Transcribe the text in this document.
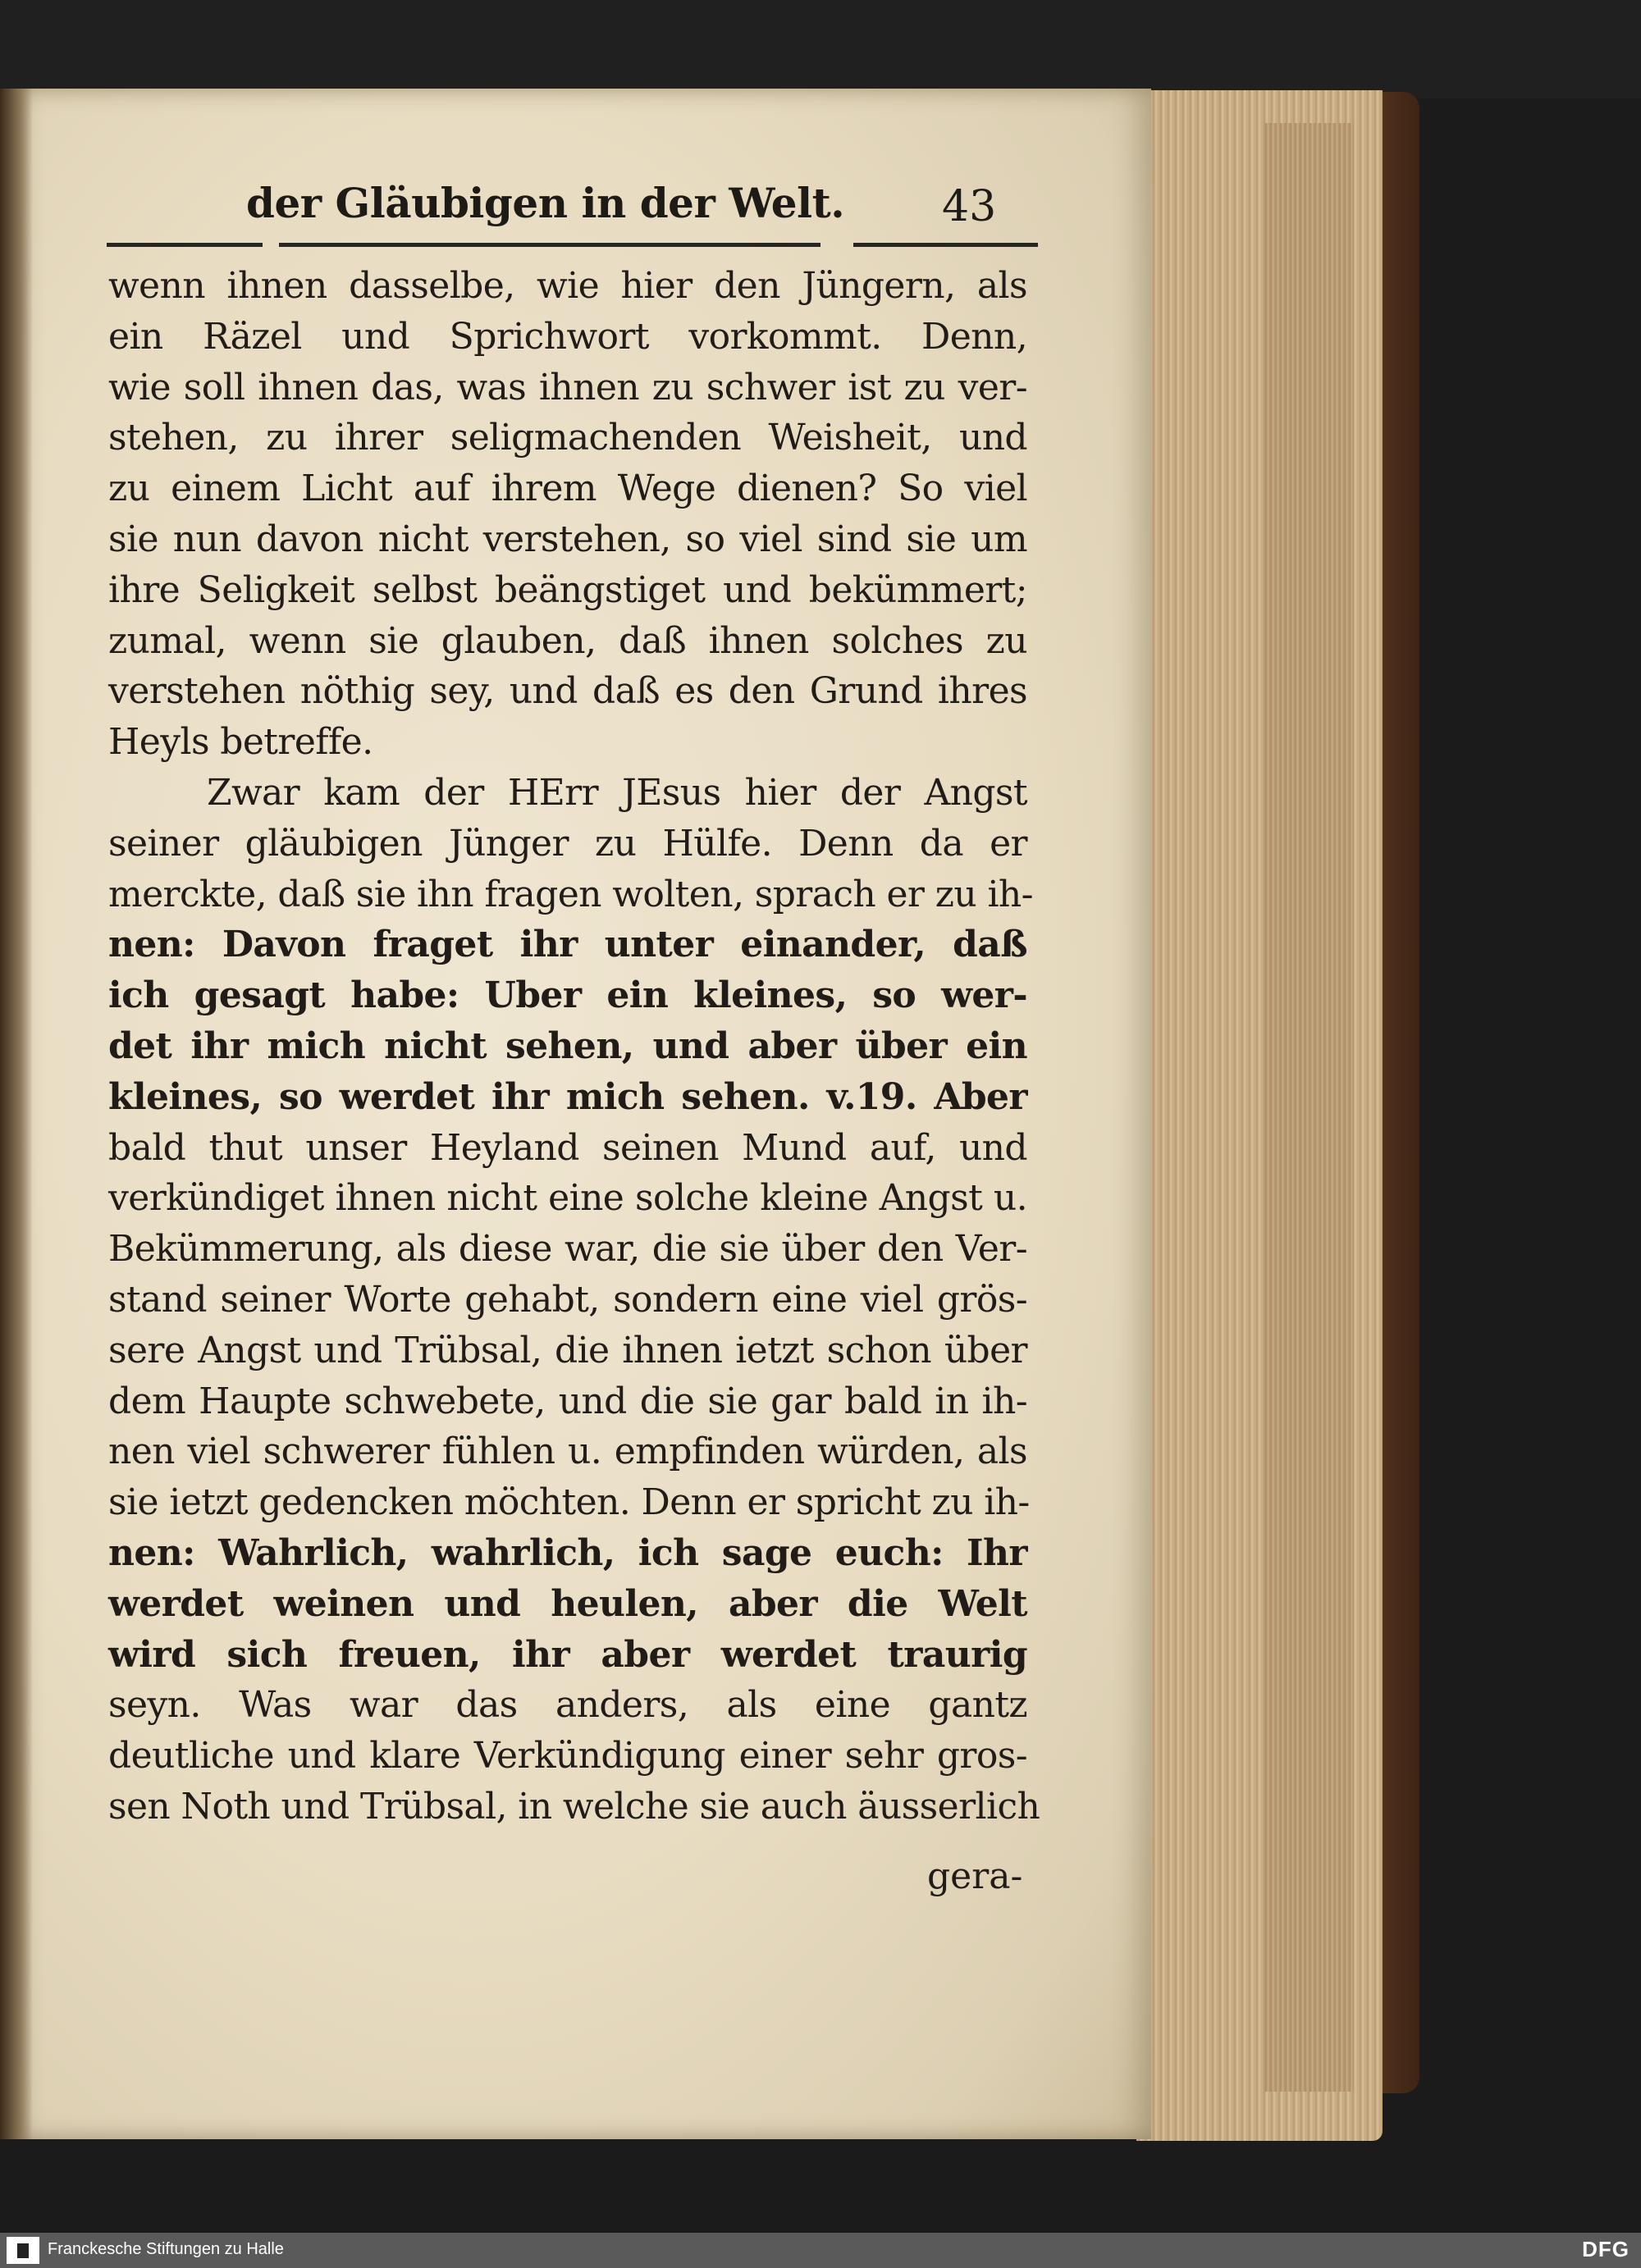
der Gläubigen in der Welt. 43
wenn ihnen dasselbe, wie hier den Jüngern, als
ein Räzel und Sprichwort vorkommt. Denn,
wie soll ihnen das, was ihnen zu schwer ist zu ver-
stehen, zu ihrer seligmachenden Weisheit, und
zu einem Licht auf ihrem Wege dienen? So viel
sie nun davon nicht verstehen, so viel sind sie um
ihre Seligkeit selbst beängstiget und bekümmert;
zumal, wenn sie glauben, daß ihnen solches zu
verstehen nöthig sey, und daß es den Grund ihres
Heyls betreffe.
Zwar kam der HErr JEsus hier der Angst
seiner gläubigen Jünger zu Hülfe. Denn da er
merckte, daß sie ihn fragen wolten, sprach er zu ih-
nen: Davon fraget ihr unter einander, daß
ich gesagt habe: Uber ein kleines, so wer-
det ihr mich nicht sehen, und aber über ein
kleines, so werdet ihr mich sehen. v.19. Aber
bald thut unser Heyland seinen Mund auf, und
verkündiget ihnen nicht eine solche kleine Angst u.
Bekümmerung, als diese war, die sie über den Ver-
stand seiner Worte gehabt, sondern eine viel grös-
sere Angst und Trübsal, die ihnen ietzt schon über
dem Haupte schwebete, und die sie gar bald in ih-
nen viel schwerer fühlen u. empfinden würden, als
sie ietzt gedencken möchten. Denn er spricht zu ih-
nen: Wahrlich, wahrlich, ich sage euch: Ihr
werdet weinen und heulen, aber die Welt
wird sich freuen, ihr aber werdet traurig
seyn. Was war das anders, als eine gantz
deutliche und klare Verkündigung einer sehr gros-
sen Noth und Trübsal, in welche sie auch äusserlich
gera-
Franckesche Stiftungen zu Halle	DFG
